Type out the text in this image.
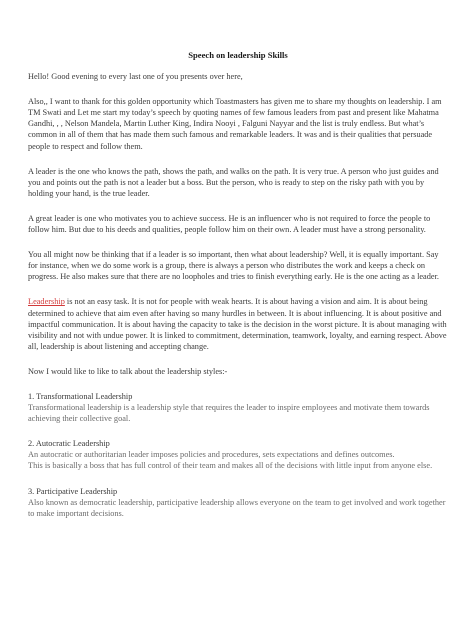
Speech on leadership Skills

Hello! Good evening to every last one of you presents over here,

Also,, I want to thank for this golden opportunity which Toastmasters has given me to share my thoughts on leadership. I am TM Swati and Let me start my today’s speech by quoting names of few famous leaders from past and present like Mahatma Gandhi, , , Nelson Mandela, Martin Luther King, Indira Nooyi , Falguni Nayyar and the list is truly endless. But what’s common in all of them that has made them such famous and remarkable leaders. It was and is their qualities that persuade people to respect and follow them.

A leader is the one who knows the path, shows the path, and walks on the path. It is very true. A person who just guides and you and points out the path is not a leader but a boss. But the person, who is ready to step on the risky path with you by holding your hand, is the true leader.

A great leader is one who motivates you to achieve success. He is an influencer who is not required to force the people to follow him. But due to his deeds and qualities, people follow him on their own. A leader must have a strong personality.

You all might now be thinking that if a leader is so important, then what about leadership? Well, it is equally important. Say for instance, when we do some work is a group, there is always a person who distributes the work and keeps a check on progress. He also makes sure that there are no loopholes and tries to finish everything early. He is the one acting as a leader.

Leadership is not an easy task. It is not for people with weak hearts. It is about having a vision and aim. It is about being determined to achieve that aim even after having so many hurdles in between. It is about influencing. It is about positive and impactful communication. It is about having the capacity to take is the decision in the worst picture. It is about managing with visibility and not with undue power. It is linked to commitment, determination, teamwork, loyalty, and earning respect. Above all, leadership is about listening and accepting change.

Now I would like to like to talk about the leadership styles:-

1. Transformational Leadership
Transformational leadership is a leadership style that requires the leader to inspire employees and motivate them towards achieving their collective goal.
2. Autocratic Leadership
An autocratic or authoritarian leader imposes policies and procedures, sets expectations and defines outcomes.
This is basically a boss that has full control of their team and makes all of the decisions with little input from anyone else.
3. Participative Leadership
Also known as democratic leadership, participative leadership allows everyone on the team to get involved and work together to make important decisions.
